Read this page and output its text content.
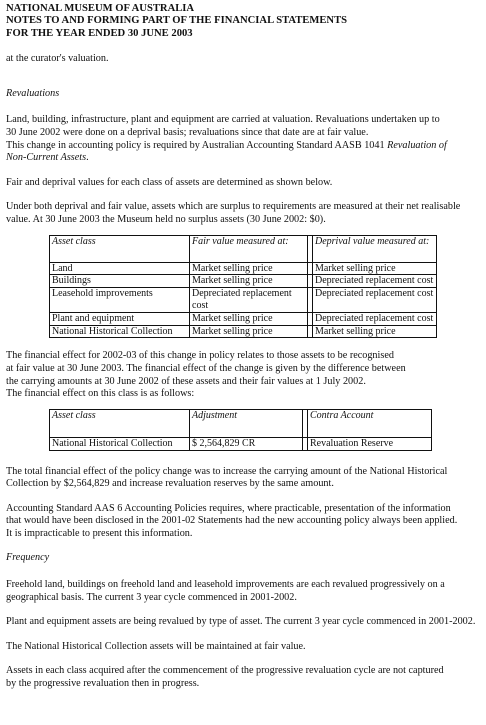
NATIONAL MUSEUM OF AUSTRALIA
NOTES TO AND FORMING PART OF THE FINANCIAL STATEMENTS
FOR THE YEAR ENDED 30 JUNE 2003

at the curator's valuation.

Revaluations

Land, building, infrastructure, plant and equipment are carried at valuation. Revaluations undertaken up to

30 June 2002 were done on a deprival basis; revaluations since that date are at fair value.

This change in accounting policy is required by Australian Accounting Standard AASB 1041 Revaluation of

Non-Current Assets.

Fair and deprival values for each class of assets are determined as shown below.

Under both deprival and fair value, assets which are surplus to requirements are measured at their net realisable

value. At 30 June 2003 the Museum held no surplus assets (30 June 2002: $0).

Asset class	Fair value measured at:		Deprival value measured at:
Land	Market selling price		Market selling price
Buildings	Market selling price		Depreciated replacement cost
Leasehold improvements	Depreciated replacement cost		Depreciated replacement cost
Plant and equipment	Market selling price		Depreciated replacement cost
National Historical Collection	Market selling price		Market selling price

The financial effect for 2002-03 of this change in policy relates to those assets to be recognised

at fair value at 30 June 2003. The financial effect of the change is given by the difference between

the carrying amounts at 30 June 2002 of these assets and their fair values at 1 July 2002.

The financial effect on this class is as follows:

Asset class	Adjustment		Contra Account
National Historical Collection	$ 2,564,829 CR		Revaluation Reserve

The total financial effect of the policy change was to increase the carrying amount of the National Historical

Collection by $2,564,829 and increase revaluation reserves by the same amount.

Accounting Standard AAS 6 Accounting Policies requires, where practicable, presentation of the information

that would have been disclosed in the 2001-02 Statements had the new accounting policy always been applied.

It is impracticable to present this information.

Frequency

Freehold land, buildings on freehold land and leasehold improvements are each revalued progressively on a

geographical basis. The current 3 year cycle commenced in 2001-2002.

Plant and equipment assets are being revalued by type of asset. The current 3 year cycle commenced in 2001-2002.

The National Historical Collection assets will be maintained at fair value.

Assets in each class acquired after the commencement of the progressive revaluation cycle are not captured

by the progressive revaluation then in progress.
